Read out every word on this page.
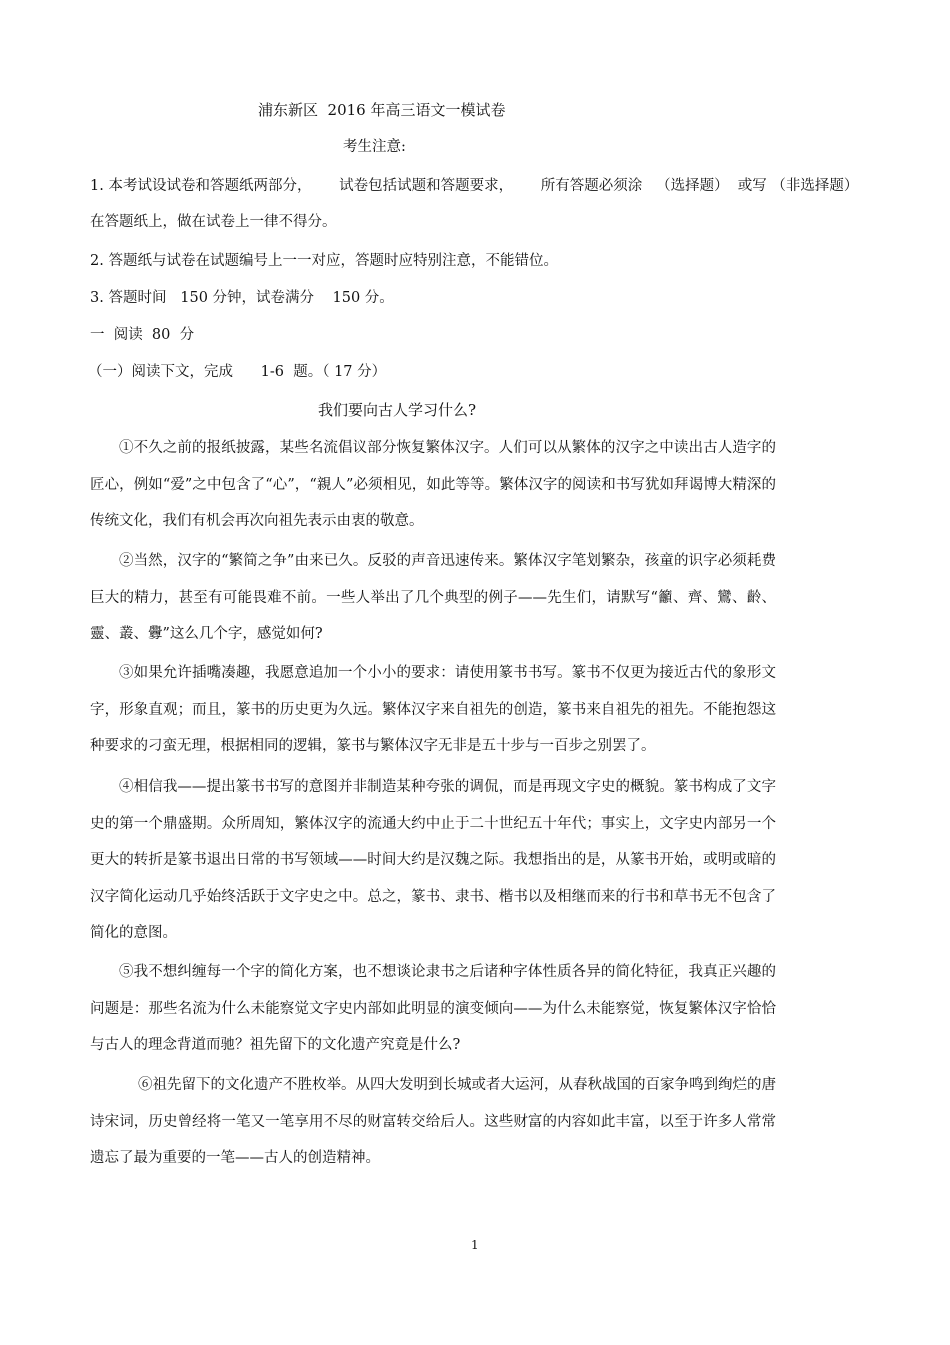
浦东新区  2016 年高三语文一模试卷
考生注意:
1. 本考试设试卷和答题纸两部分，      试卷包括试题和答题要求，      所有答题必须涂   （选择题）  或写 （非选择题）
在答题纸上，做在试卷上一律不得分。
2. 答题纸与试卷在试题编号上一一对应，答题时应特别注意，不能错位。
3. 答题时间   150 分钟，试卷满分    150 分。
一  阅读  80  分
（一）阅读下文，完成      1-6  题。（ 17 分）
我们要向古人学习什么?

①不久之前的报纸披露，某些名流倡议部分恢复繁体汉字。人们可以从繁体的汉字之中读出古人造字的匠心，例如“爱”之中包含了“心”，“親人”必须相见，如此等等。繁体汉字的阅读和书写犹如拜谒博大精深的传统文化，我们有机会再次向祖先表示由衷的敬意。

②当然，汉字的“繁简之争”由来已久。反驳的声音迅速传来。繁体汉字笔划繁杂，孩童的识字必须耗费巨大的精力，甚至有可能畏难不前。一些人举出了几个典型的例子——先生们，请默写“籲、齊、鸞、齡、靈、叢、釁”这么几个字，感觉如何?

③如果允许插嘴凑趣，我愿意追加一个小小的要求：请使用篆书书写。篆书不仅更为接近古代的象形文字，形象直观；而且，篆书的历史更为久远。繁体汉字来自祖先的创造，篆书来自祖先的祖先。不能抱怨这种要求的刁蛮无理，根据相同的逻辑，篆书与繁体汉字无非是五十步与一百步之别罢了。

④相信我——提出篆书书写的意图并非制造某种夸张的调侃，而是再现文字史的概貌。篆书构成了文字史的第一个鼎盛期。众所周知，繁体汉字的流通大约中止于二十世纪五十年代；事实上，文字史内部另一个更大的转折是篆书退出日常的书写领域——时间大约是汉魏之际。我想指出的是，从篆书开始，或明或暗的汉字简化运动几乎始终活跃于文字史之中。总之，篆书、隶书、楷书以及相继而来的行书和草书无不包含了简化的意图。

⑤我不想纠缠每一个字的简化方案，也不想谈论隶书之后诸种字体性质各异的简化特征，我真正兴趣的问题是：那些名流为什么未能察觉文字史内部如此明显的演变倾向——为什么未能察觉，恢复繁体汉字恰恰与古人的理念背道而驰？祖先留下的文化遗产究竟是什么?

⑥祖先留下的文化遗产不胜枚举。从四大发明到长城或者大运河，从春秋战国的百家争鸣到绚烂的唐诗宋词，历史曾经将一笔又一笔享用不尽的财富转交给后人。这些财富的内容如此丰富，以至于许多人常常遗忘了最为重要的一笔——古人的创造精神。

1
